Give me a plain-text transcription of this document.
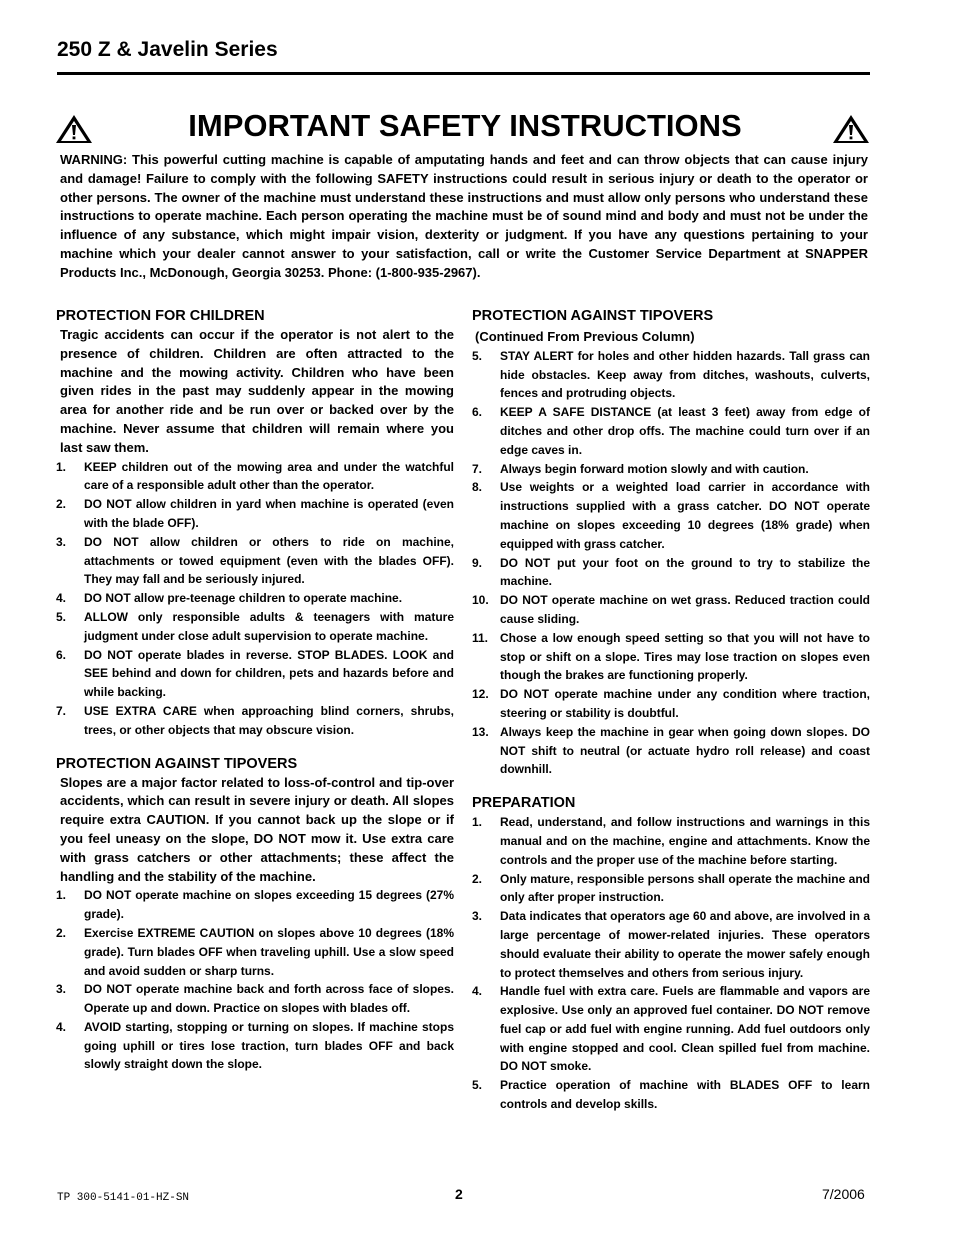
250 Z & Javelin Series
IMPORTANT SAFETY INSTRUCTIONS

WARNING: This powerful cutting machine is capable of amputating hands and feet and can throw objects that can cause injury and damage! Failure to comply with the following SAFETY instructions could result in serious injury or death to the operator or other persons. The owner of the machine must understand these instructions and must allow only persons who understand these instructions to operate machine. Each person operating the machine must be of sound mind and body and must not be under the influence of any substance, which might impair vision, dexterity or judgment. If you have any questions pertaining to your machine which your dealer cannot answer to your satisfaction, call or write the Customer Service Department at SNAPPER Products Inc., McDonough, Georgia 30253. Phone: (1-800-935-2967).

PROTECTION FOR CHILDREN

Tragic accidents can occur if the operator is not alert to the presence of children. Children are often attracted to the machine and the mowing activity. Children who have been given rides in the past may suddenly appear in the mowing area for another ride and be run over or backed over by the machine. Never assume that children will remain where you last saw them.

1. KEEP children out of the mowing area and under the watchful care of a responsible adult other than the operator.
2. DO NOT allow children in yard when machine is operated (even with the blade OFF).
3. DO NOT allow children or others to ride on machine, attachments or towed equipment (even with the blades OFF). They may fall and be seriously injured.
4. DO NOT allow pre-teenage children to operate machine.
5. ALLOW only responsible adults & teenagers with mature judgment under close adult supervision to operate machine.
6. DO NOT operate blades in reverse. STOP BLADES. LOOK and SEE behind and down for children, pets and hazards before and while backing.
7. USE EXTRA CARE when approaching blind corners, shrubs, trees, or other objects that may obscure vision.
PROTECTION AGAINST TIPOVERS

Slopes are a major factor related to loss-of-control and tip-over accidents, which can result in severe injury or death. All slopes require extra CAUTION. If you cannot back up the slope or if you feel uneasy on the slope, DO NOT mow it. Use extra care with grass catchers or other attachments; these affect the handling and the stability of the machine.

1. DO NOT operate machine on slopes exceeding 15 degrees (27% grade).
2. Exercise EXTREME CAUTION on slopes above 10 degrees (18% grade). Turn blades OFF when traveling uphill. Use a slow speed and avoid sudden or sharp turns.
3. DO NOT operate machine back and forth across face of slopes. Operate up and down. Practice on slopes with blades off.
4. AVOID starting, stopping or turning on slopes. If machine stops going uphill or tires lose traction, turn blades OFF and back slowly straight down the slope.
PROTECTION AGAINST TIPOVERS

(Continued From Previous Column)

5. STAY ALERT for holes and other hidden hazards. Tall grass can hide obstacles. Keep away from ditches, washouts, culverts, fences and protruding objects.
6. KEEP A SAFE DISTANCE (at least 3 feet) away from edge of ditches and other drop offs. The machine could turn over if an edge caves in.
7. Always begin forward motion slowly and with caution.
8. Use weights or a weighted load carrier in accordance with instructions supplied with a grass catcher. DO NOT operate machine on slopes exceeding 10 degrees (18% grade) when equipped with grass catcher.
9. DO NOT put your foot on the ground to try to stabilize the machine.
10. DO NOT operate machine on wet grass. Reduced traction could cause sliding.
11. Chose a low enough speed setting so that you will not have to stop or shift on a slope. Tires may lose traction on slopes even though the brakes are functioning properly.
12. DO NOT operate machine under any condition where traction, steering or stability is doubtful.
13. Always keep the machine in gear when going down slopes. DO NOT shift to neutral (or actuate hydro roll release) and coast downhill.
PREPARATION
1. Read, understand, and follow instructions and warnings in this manual and on the machine, engine and attachments. Know the controls and the proper use of the machine before starting.
2. Only mature, responsible persons shall operate the machine and only after proper instruction.
3. Data indicates that operators age 60 and above, are involved in a large percentage of mower-related injuries. These operators should evaluate their ability to operate the mower safely enough to protect themselves and others from serious injury.
4. Handle fuel with extra care. Fuels are flammable and vapors are explosive. Use only an approved fuel container. DO NOT remove fuel cap or add fuel with engine running. Add fuel outdoors only with engine stopped and cool. Clean spilled fuel from machine. DO NOT smoke.
5. Practice operation of machine with BLADES OFF to learn controls and develop skills.
TP 300-5141-01-HZ-SN	2	7/2006
